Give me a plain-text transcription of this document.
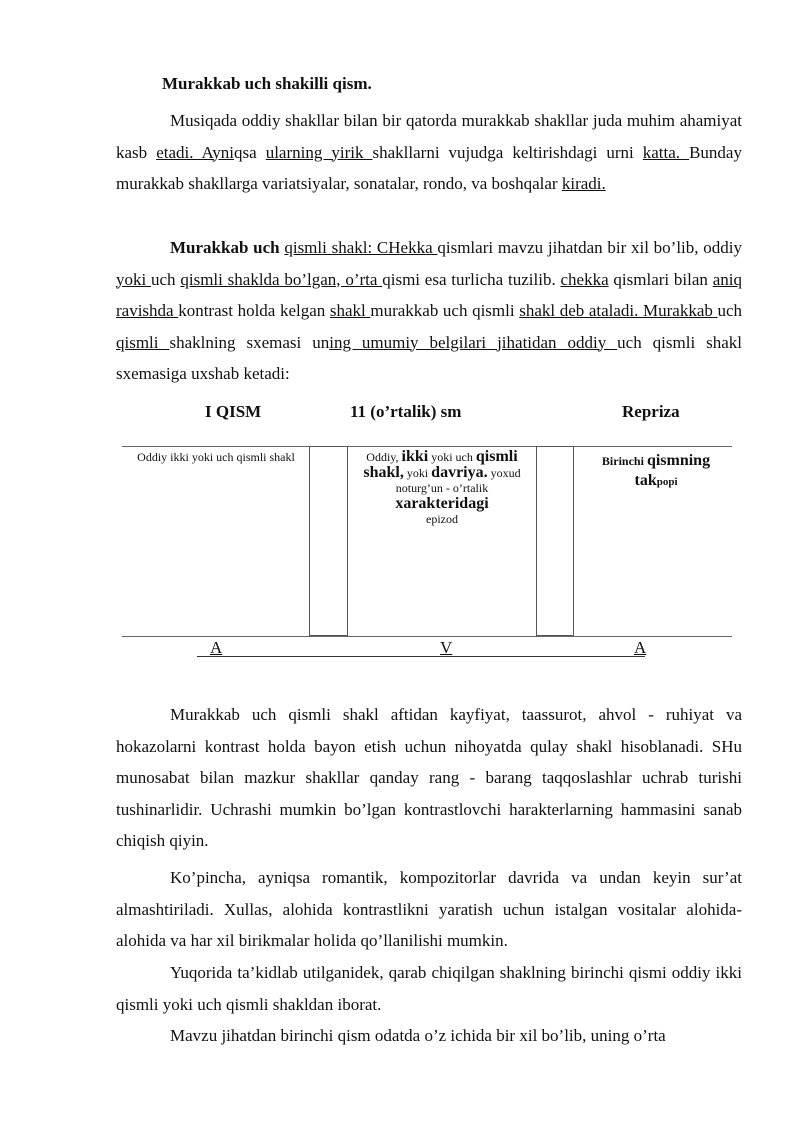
Murakkab uch shakilli qism.
Musiqada oddiy shakllar bilan bir qatorda murakkab shakllar juda muhim ahamiyat kasb etadi. Ayniqsa ularning yirik shakllarni vujudga keltirishdagi urni katta. Bunday murakkab shakllarga variatsiyalar, sonatalar, rondo, va boshqalar kiradi.
Murakkab uch qismli shakl: CHekka qismlari mavzu jihatdan bir xil bo’lib, oddiy yoki uch qismli shaklda bo’lgan, o’rta qismi esa turlicha tuzilib. chekka qismlari bilan aniq ravishda kontrast holda kelgan shakl murakkab uch qismli shakl deb ataladi. Murakkab uch qismli shaklning sxemasi uning umumiy belgilari jihatidan oddiy uch qismli shakl sxemasiga uxshab ketadi:
I QISM	11 (o’rtalik) sm	Repriza
Oddiy ikki yoki uch qismli shakl	Oddiy, ikki yoki uch qismli
shakl, yoki davriya. yoxud
noturg’un - o’rtalik
xarakteridagi
epizod
Birinchi qismning
takpopi
A	V	A
Murakkab uch qismli shakl aftidan kayfiyat, taassurot, ahvol - ruhiyat va hokazolarni kontrast holda bayon etish uchun nihoyatda qulay shakl hisoblanadi. SHu munosabat bilan mazkur shakllar qanday rang - barang taqqoslashlar uchrab turishi tushinarlidir. Uchrashi mumkin bo’lgan kontrastlovchi harakterlarning hammasini sanab chiqish qiyin.
Ko’pincha, ayniqsa romantik, kompozitorlar davrida va undan keyin sur’at almashtiriladi. Xullas, alohida kontrastlikni yaratish uchun istalgan vositalar alohida-alohida va har xil birikmalar holida qo’llanilishi mumkin.
Yuqorida ta’kidlab utilganidek, qarab chiqilgan shaklning birinchi qismi oddiy ikki qismli yoki uch qismli shakldan iborat.
Mavzu jihatdan birinchi qism odatda o’z ichida bir xil bo’lib, uning o’rta
